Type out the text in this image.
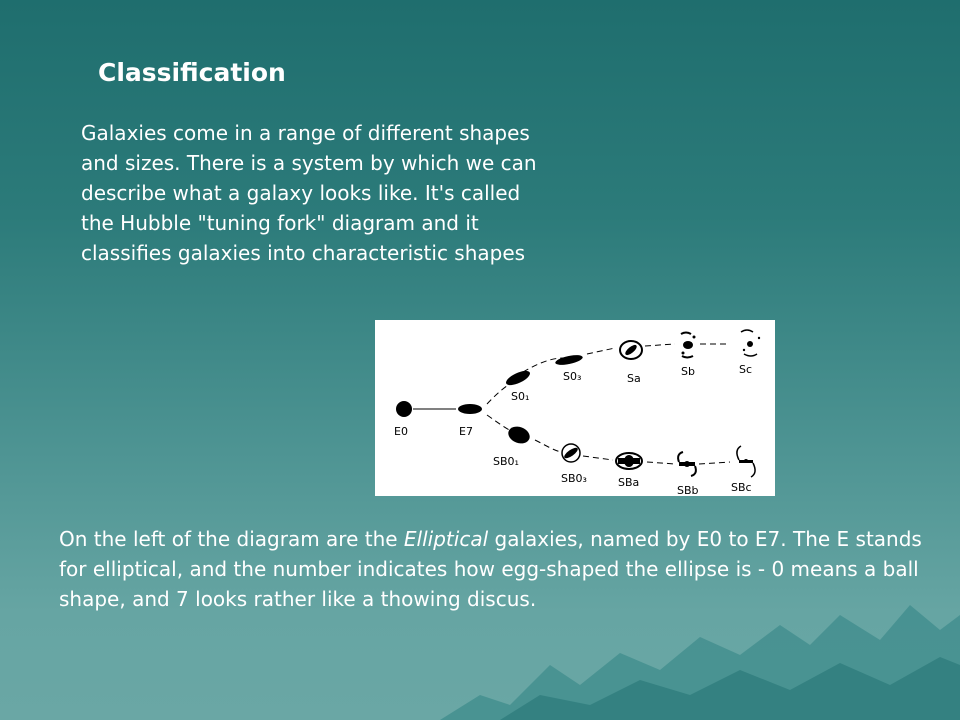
Classification

Galaxies come in a range of different shapes and sizes. There is a system by which we can describe what a galaxy looks like. It's called the Hubble "tuning fork" diagram and it classifies galaxies into characteristic shapes

E0	E7
S0₁
S0₃	Sa
Sb	Sc
SB0₁
SB0₃	SBa
SBb	SBc

On the left of the diagram are the Elliptical galaxies, named by E0 to E7. The E stands for elliptical, and the number indicates how egg-shaped the ellipse is - 0 means a ball shape, and 7 looks rather like a thowing discus.
